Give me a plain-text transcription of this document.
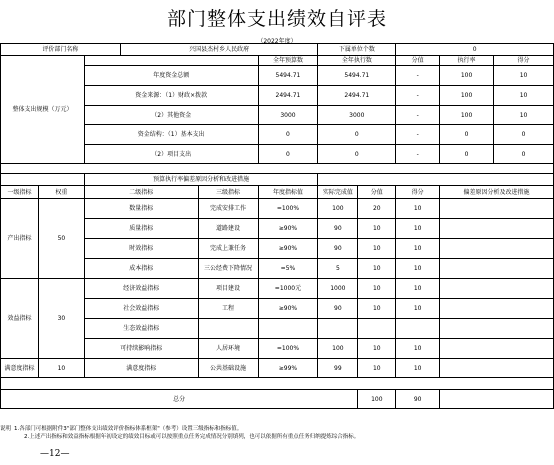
部门整体支出绩效自评表
（2022年度）
评价部门名称			兴国县杰村乡人民政府			下属单位个数		0		
整体支出规模（万元）					全年预算数	全年执行数		分值	执行率	得分
		年度资金总额			5494.71	5494.71		-	100	10
		资金来源：（1）财政×拨款			2494.71	2494.71		-	100	10
		（2）其他资金			3000	3000		-	100	10
		资金结构：（1）基本支出			0	0		-	0	0
		（2）项目支出			0	0		-	0	0

		预算执行率偏差原因分析和改进措施								
一级指标	权重	二级指标		三级指标	年度指标值	实际完成值	分值	得分	偏差原因分析及改进措施	
产出指标	50	数量指标		完成安排工作	=100%	100	20	10		
		质量指标		道路建设	≥90%	90	10	10		
		时效指标		完成上兼任务	≥90%	90	10	10		
		成本指标		三公经费下降情况	=5%	5	10	10		
效益指标	30	经济效益指标		项目建设	=1000元	1000	10	10		
		社会效益指标		工程	≥90%	90	10	10		
		生态效益指标								
		可持续影响指标		人居环境	=100%	100	10	10		
满意度指标	10	满意度指标		公共基础设施	≥99%	99	10	10		

总分							100	90		
说明 1.各部门可根据附件3"部门整体支出绩效评价指标体系框架"（参考）设置三级指标和指标值。
2.上述产出指标和效益指标根据年初设定的绩效目标或可以按照重点任务完成情况分别填列，也可以依据所有重点任务归纳提炼综合指标。
—12—
